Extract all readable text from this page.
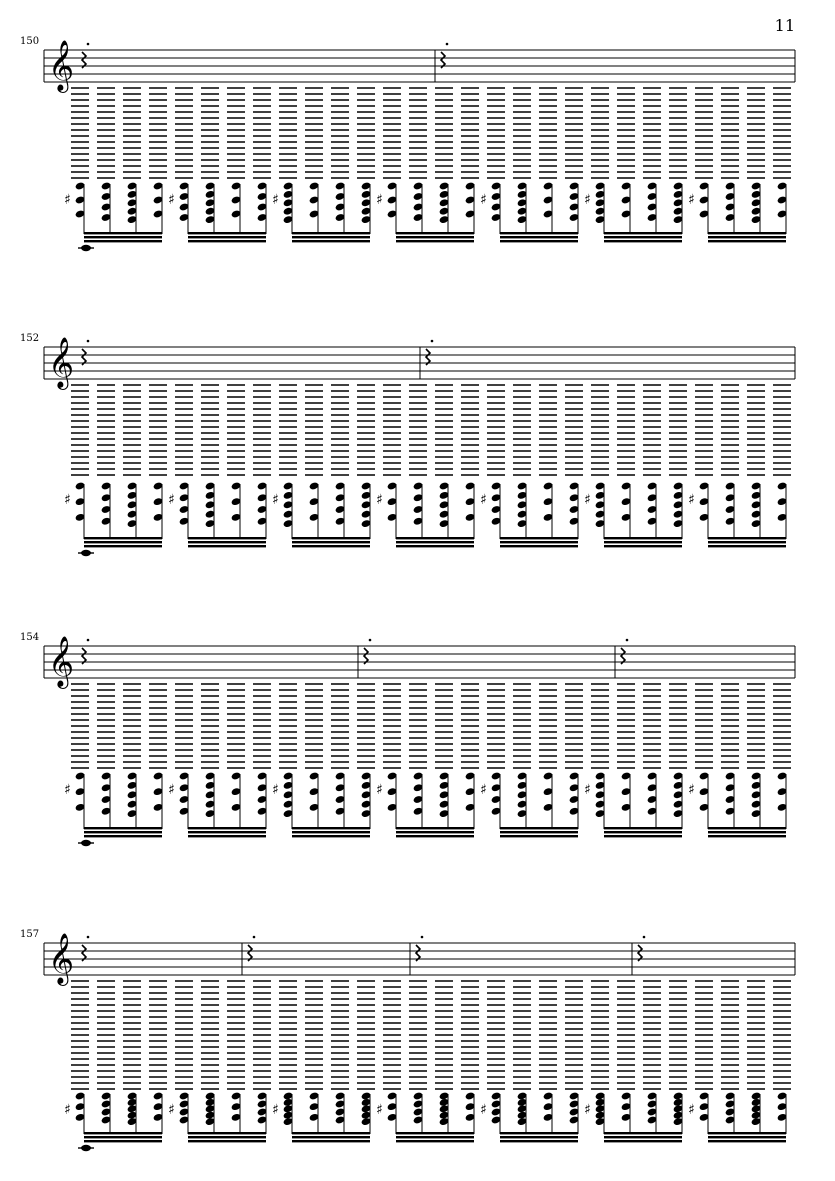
11
150 𝄞
♯	♯	♯	♯	♯	♯	♯
152 𝄞
♯	♯	♯	♯	♯	♯	♯
154 𝄞
♯	♯	♯	♯	♯	♯	♯
157 𝄞
♯	♯	♯	♯	♯	♯	♯
